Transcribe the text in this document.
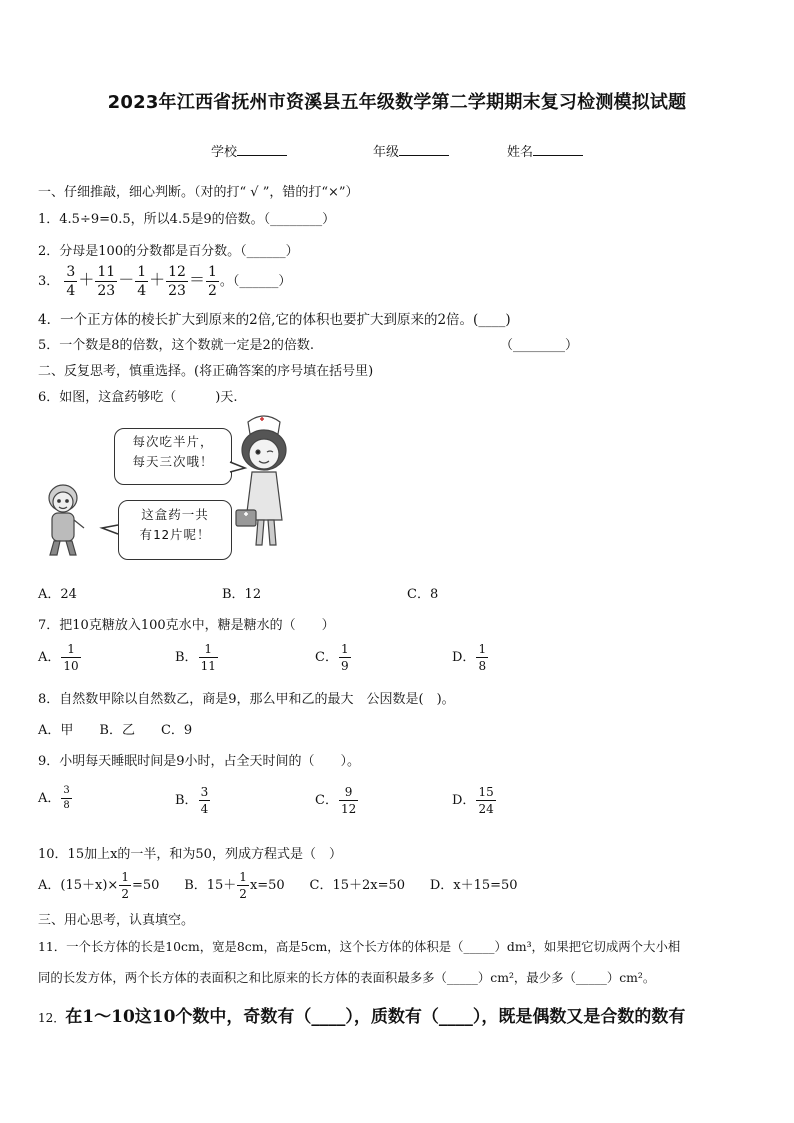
2023年江西省抚州市资溪县五年级数学第二学期期末复习检测模拟试题
学校	年级	姓名
一、仔细推敲，细心判断。（对的打“ √ ”，错的打“×”）
1．4.5÷9=0.5，所以4.5是9的倍数。（________）
2．分母是100的分数都是百分数。（______）
3． $\frac{3}{4} + \frac{11}{23} - \frac{1}{4} + \frac{12}{23} = \frac{1}{2}$ 。（______）
4．一个正方体的棱长扩大到原来的2倍,它的体积也要扩大到原来的2倍。(____)
5．一个数是8的倍数，这个数就一定是2的倍数.	（________）
二、反复思考，慎重选择。(将正确答案的序号填在括号里)
6．如图，这盒药够吃（　　　)天.
每次吃半片，
每天三次哦！
这盒药一共
有12片呢！
A．24	B．12	C．8
7．把10克糖放入100克水中，糖是糖水的（　　）
A． $\frac{1}{10}$	B． $\frac{1}{11}$	C． $\frac{1}{9}$	D． $\frac{1}{8}$
8．自然数甲除以自然数乙，商是9，那么甲和乙的最大　公因数是(　)。
A．甲　　B．乙　　C．9
9．小明每天睡眠时间是9小时，占全天时间的（　　）。
A． $\frac{3}{8}$	B． $\frac{3}{4}$	C． $\frac{9}{12}$	D． $\frac{15}{24}$
10．15加上x的一半，和为50，列成方程式是（　）
A．$(15+x)\times \frac{1}{2} =50$ B．$15+ \frac{1}{2} x=50$ C．15＋2x=50 D．x＋15=50
三、用心思考，认真填空。
11．一个长方体的长是10cm，宽是8cm，高是5cm，这个长方体的体积是（_____）dm³，如果把它切成两个大小相
同的长发方体，两个长方体的表面积之和比原来的长方体的表面积最多多（_____）cm²，最少多（_____）cm²。
12．在1～10这10个数中，奇数有（____），质数有（____），既是偶数又是合数的数有
